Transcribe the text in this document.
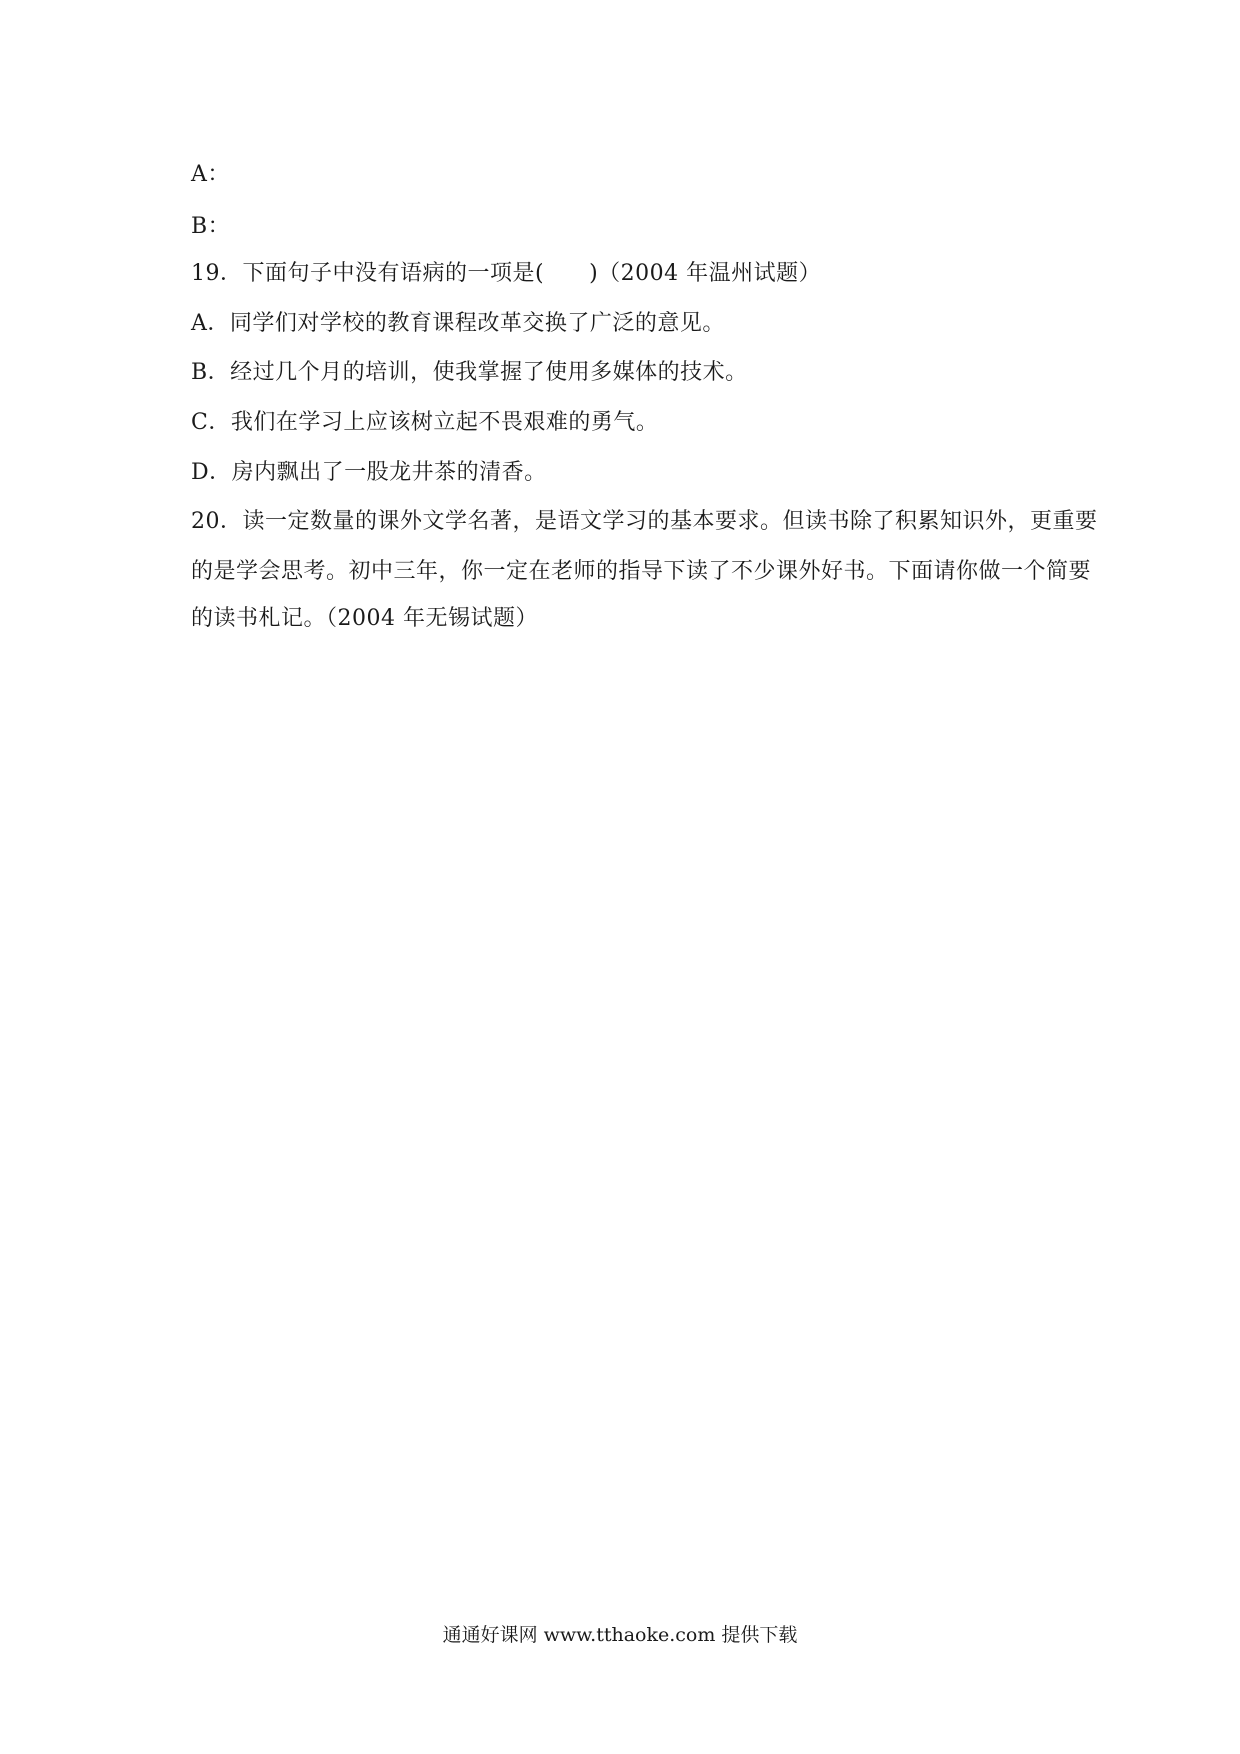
A：
B：
19．下面句子中没有语病的一项是(　　)（2004 年温州试题）
A．同学们对学校的教育课程改革交换了广泛的意见。
B．经过几个月的培训，使我掌握了使用多媒体的技术。
C．我们在学习上应该树立起不畏艰难的勇气。
D．房内飘出了一股龙井茶的清香。
20．读一定数量的课外文学名著，是语文学习的基本要求。但读书除了积累知识外，更重要
的是学会思考。初中三年，你一定在老师的指导下读了不少课外好书。下面请你做一个简要
的读书札记。（2004 年无锡试题）
通通好课网 www.tthaoke.com 提供下载
